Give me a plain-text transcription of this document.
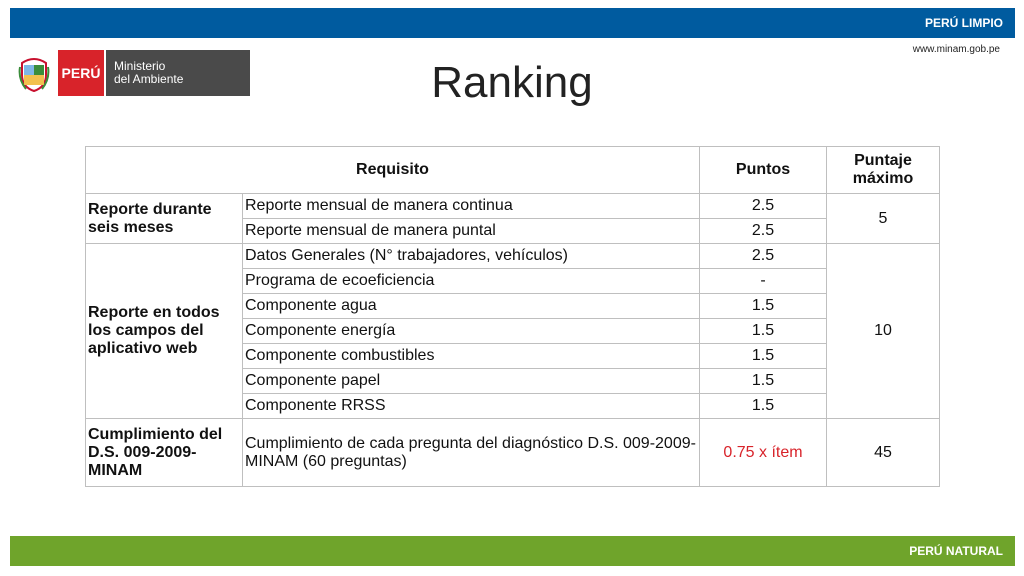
PERÚ LIMPIO
www.minam.gob.pe
PERÚ Ministerio
del Ambiente	Ranking
Requisito		Puntos	Puntaje máximo
Reporte durante seis meses	Reporte mensual de manera continua	2.5	5
	Reporte mensual de manera puntal	2.5	
Reporte en todos los campos del aplicativo web	Datos Generales (N° trabajadores, vehículos)	2.5	10
	Programa de ecoeficiencia	-	
	Componente agua	1.5	
	Componente energía	1.5	
	Componente combustibles	1.5	
	Componente papel	1.5	
	Componente RRSS	1.5	
Cumplimiento del D.S. 009-2009-MINAM	Cumplimiento de cada pregunta del diagnóstico D.S. 009-2009-MINAM (60 preguntas)	0.75 x ítem	45
PERÚ NATURAL
